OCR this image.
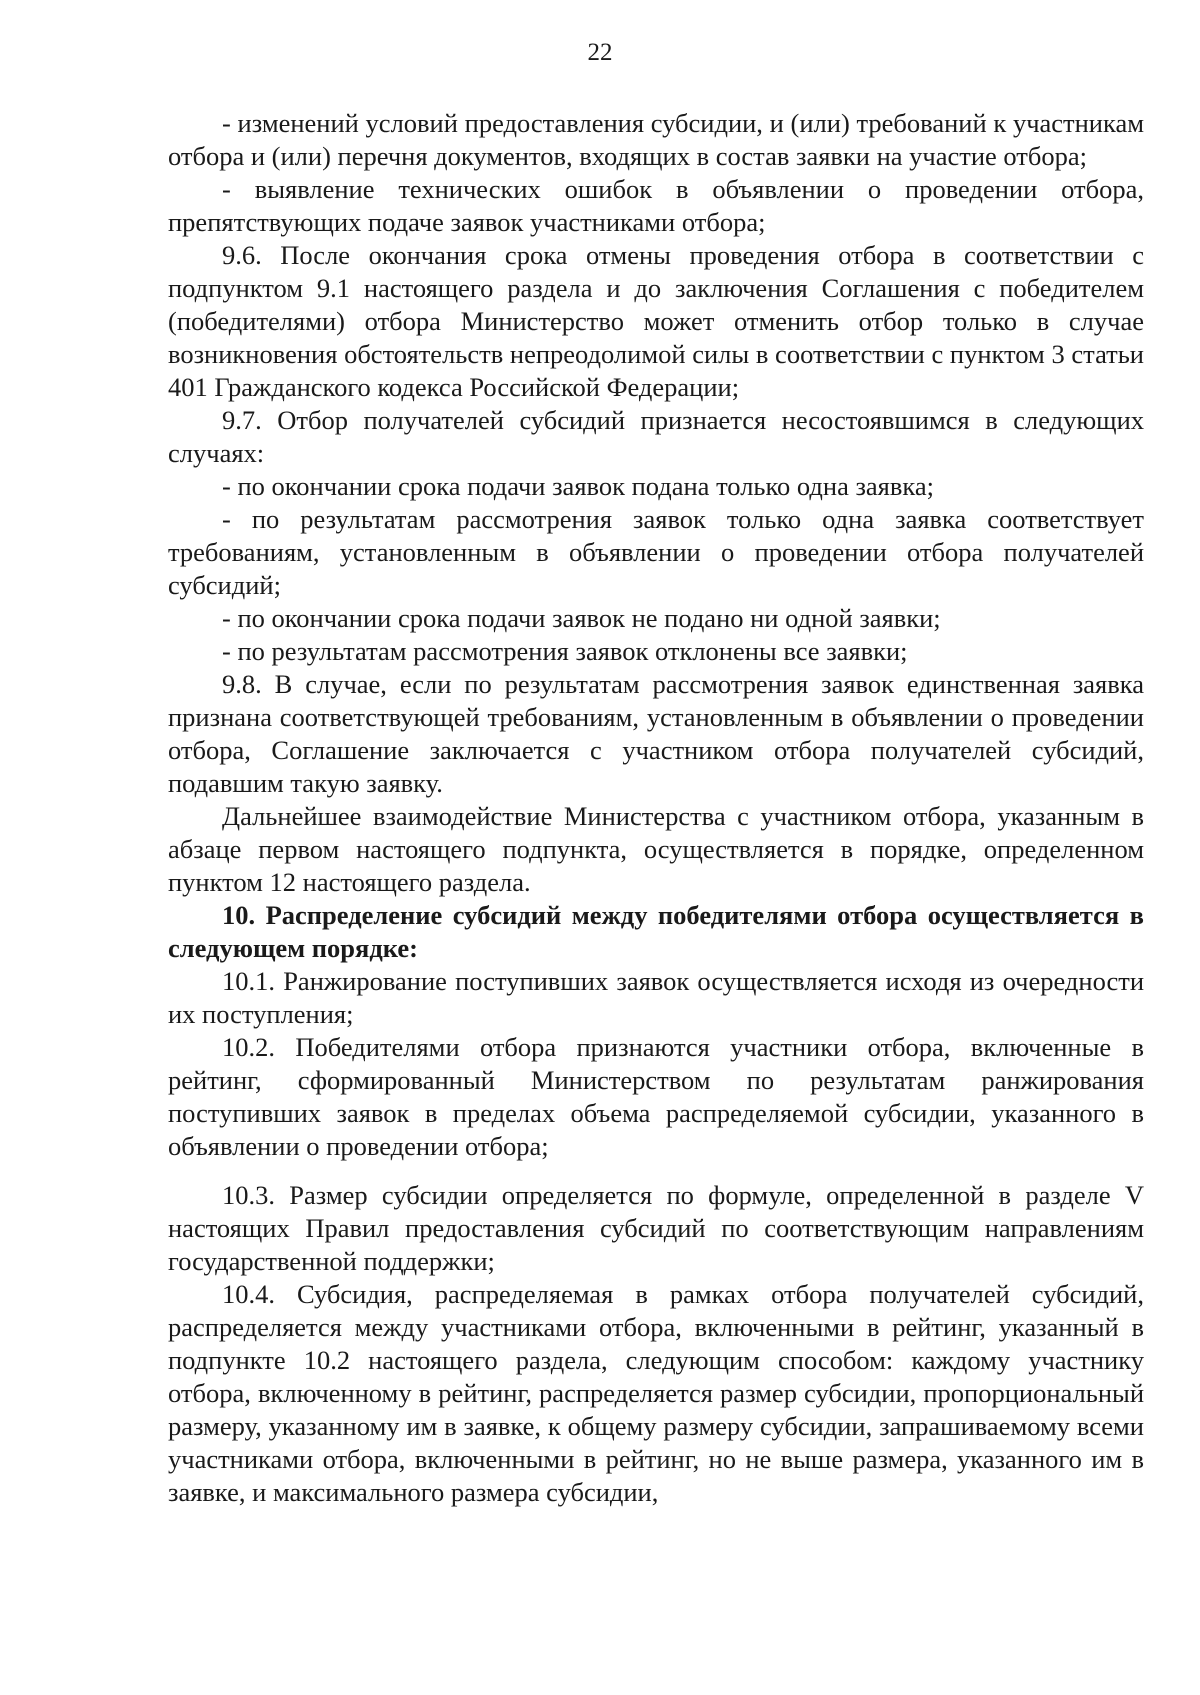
22

- изменений условий предоставления субсидии, и (или) требований к участникам отбора и (или) перечня документов, входящих в состав заявки на участие отбора;

- выявление технических ошибок в объявлении о проведении отбора, препятствующих подаче заявок участниками отбора;

9.6. После окончания срока отмены проведения отбора в соответствии с подпунктом 9.1 настоящего раздела и до заключения Соглашения с победителем (победителями) отбора Министерство может отменить отбор только в случае возникновения обстоятельств непреодолимой силы в соответствии с пунктом 3 статьи 401 Гражданского кодекса Российской Федерации;

9.7. Отбор получателей субсидий признается несостоявшимся в следующих случаях:

- по окончании срока подачи заявок подана только одна заявка;

- по результатам рассмотрения заявок только одна заявка соответствует требованиям, установленным в объявлении о проведении отбора получателей субсидий;

- по окончании срока подачи заявок не подано ни одной заявки;

- по результатам рассмотрения заявок отклонены все заявки;

9.8. В случае, если по результатам рассмотрения заявок единственная заявка признана соответствующей требованиям, установленным в объявлении о проведении отбора, Соглашение заключается с участником отбора получателей субсидий, подавшим такую заявку.

Дальнейшее взаимодействие Министерства с участником отбора, указанным в абзаце первом настоящего подпункта, осуществляется в порядке, определенном пунктом 12 настоящего раздела.

10. Распределение субсидий между победителями отбора осуществляется в следующем порядке:

10.1. Ранжирование поступивших заявок осуществляется исходя из очередности их поступления;

10.2. Победителями отбора признаются участники отбора, включенные в рейтинг, сформированный Министерством по результатам ранжирования поступивших заявок в пределах объема распределяемой субсидии, указанного в объявлении о проведении отбора;

10.3. Размер субсидии определяется по формуле, определенной в разделе V настоящих Правил предоставления субсидий по соответствующим направлениям государственной поддержки;

10.4. Субсидия, распределяемая в рамках отбора получателей субсидий, распределяется между участниками отбора, включенными в рейтинг, указанный в подпункте 10.2 настоящего раздела, следующим способом: каждому участнику отбора, включенному в рейтинг, распределяется размер субсидии, пропорциональный размеру, указанному им в заявке, к общему размеру субсидии, запрашиваемому всеми участниками отбора, включенными в рейтинг, но не выше размера, указанного им в заявке, и максимального размера субсидии,
